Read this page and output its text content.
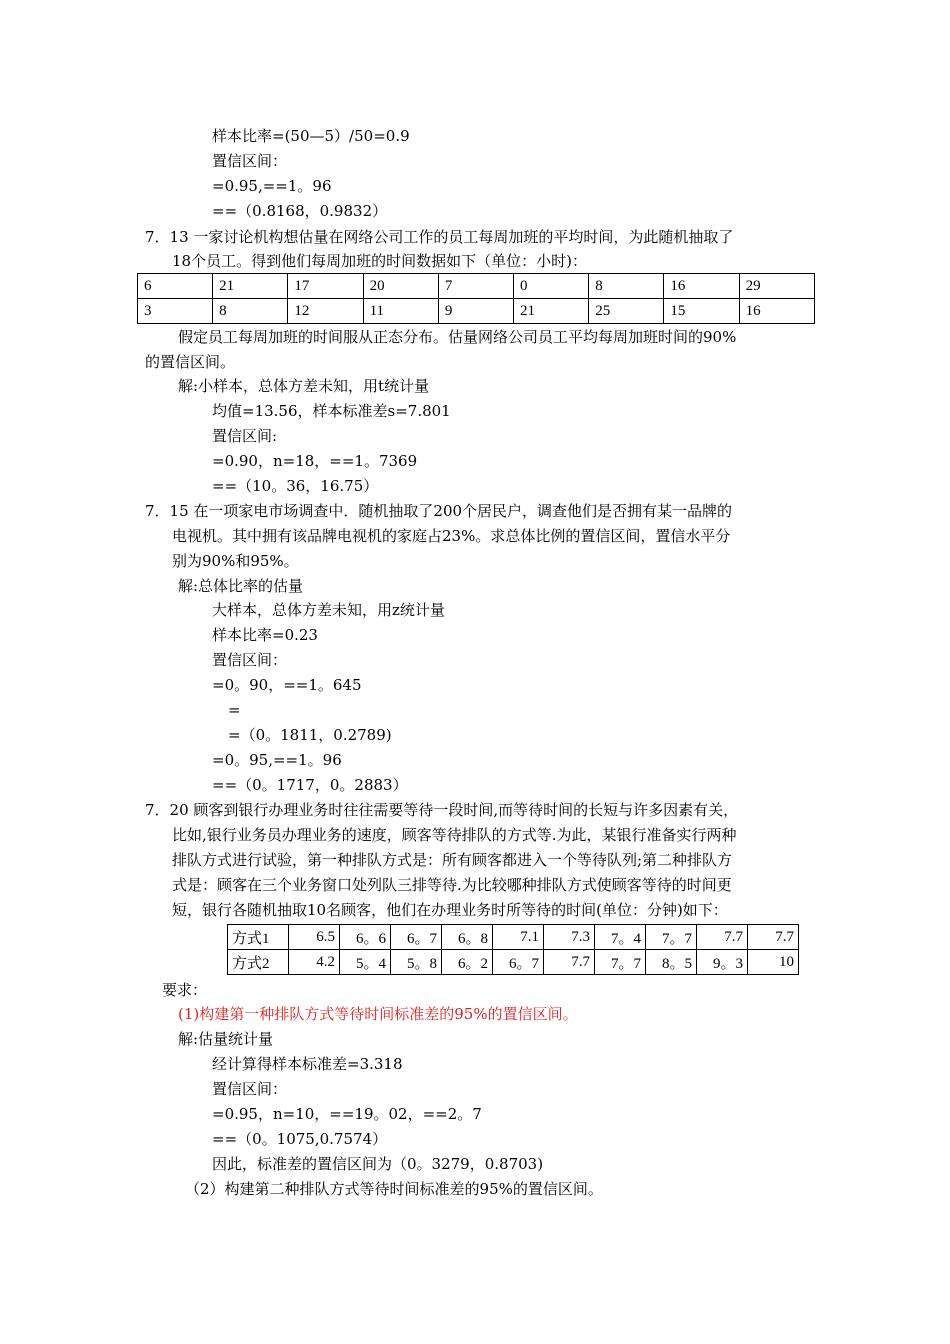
样本比率=(50—5）/50=0.9
置信区间：
=0.95,==1。96
==（0.8168，0.9832）
7．13 一家讨论机构想估量在网络公司工作的员工每周加班的平均时间，为此随机抽取了
18个员工。得到他们每周加班的时间数据如下（单位：小时)：
6	21	17	20	7	0	8	16	29
3	8	12	11	9	21	25	15	16
假定员工每周加班的时间服从正态分布。估量网络公司员工平均每周加班时间的90%
的置信区间。
解:小样本，总体方差未知，用t统计量
均值=13.56，样本标准差s=7.801
置信区间:
=0.90，n=18，==1。7369
==（10。36，16.75）
7．15 在一项家电市场调查中．随机抽取了200个居民户，调查他们是否拥有某一品牌的
电视机。其中拥有该品牌电视机的家庭占23%。求总体比例的置信区间，置信水平分
别为90%和95%。
解:总体比率的估量
大样本，总体方差未知，用z统计量
样本比率=0.23
置信区间：
=0。90，==1。645
=
=（0。1811，0.2789)
=0。95,==1。96
==（0。1717，0。2883）
7．20 顾客到银行办理业务时往往需要等待一段时间,而等待时间的长短与许多因素有关，
比如,银行业务员办理业务的速度，顾客等待排队的方式等.为此，某银行准备实行两种
排队方式进行试验，第一种排队方式是：所有顾客都进入一个等待队列;第二种排队方
式是：顾客在三个业务窗口处列队三排等待.为比较哪种排队方式使顾客等待的时间更
短，银行各随机抽取10名顾客，他们在办理业务时所等待的时间(单位：分钟)如下：
方式1	6.5	6。6	6。7	6。8	7.1	7.3	7。4	7。7	7.7	7.7
方式2	4.2	5。4	5。8	6。2	6。7	7.7	7。7	8。5	9。3	10
要求：
(1)构建第一种排队方式等待时间标准差的95%的置信区间。
解:估量统计量
经计算得样本标准差=3.318
置信区间：
=0.95，n=10，==19。02，==2。7
==（0。1075,0.7574）
因此，标准差的置信区间为（0。3279，0.8703)
（2）构建第二种排队方式等待时间标准差的95%的置信区间。
